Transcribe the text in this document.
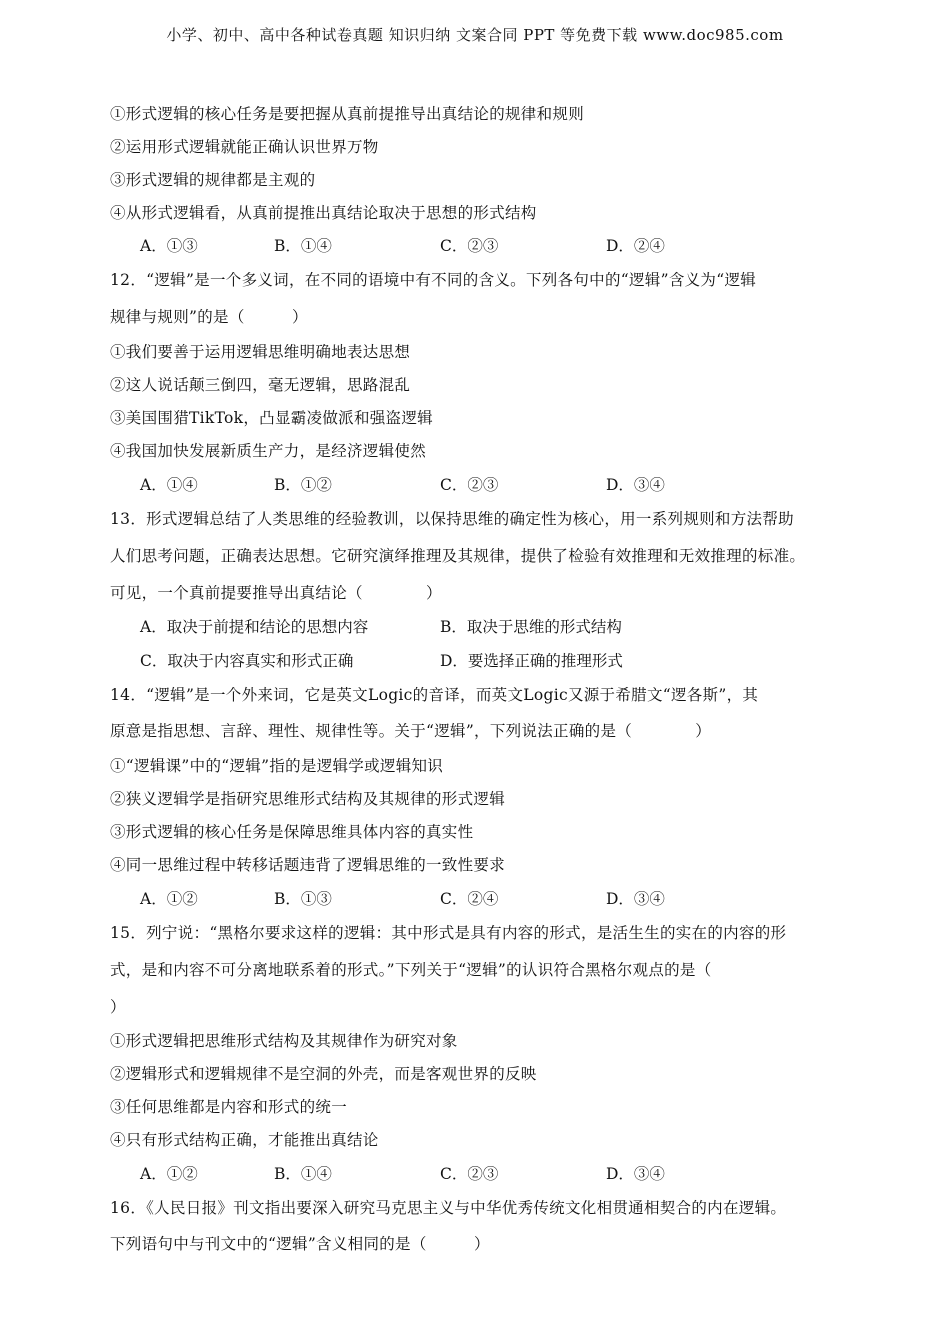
小学、初中、高中各种试卷真题 知识归纳 文案合同 PPT 等免费下载 www.doc985.com
①形式逻辑的核心任务是要把握从真前提推导出真结论的规律和规则
②运用形式逻辑就能正确认识世界万物
③形式逻辑的规律都是主观的
④从形式逻辑看，从真前提推出真结论取决于思想的形式结构
A．①③	B．①④	C．②③	D．②④
12．“逻辑”是一个多义词，在不同的语境中有不同的含义。下列各句中的“逻辑”含义为“逻辑
规律与规则”的是（　　　）
①我们要善于运用逻辑思维明确地表达思想
②这人说话颠三倒四，毫无逻辑，思路混乱
③美国围猎TikTok，凸显霸凌做派和强盗逻辑
④我国加快发展新质生产力，是经济逻辑使然
A．①④	B．①②	C．②③	D．③④
13．形式逻辑总结了人类思维的经验教训，以保持思维的确定性为核心，用一系列规则和方法帮助
人们思考问题，正确表达思想。它研究演绎推理及其规律，提供了检验有效推理和无效推理的标准。
可见，一个真前提要推导出真结论（　　　　）
A．取决于前提和结论的思想内容	B．取决于思维的形式结构
C．取决于内容真实和形式正确	D．要选择正确的推理形式
14．“逻辑”是一个外来词，它是英文Logic的音译，而英文Logic又源于希腊文“逻各斯”，其
原意是指思想、言辞、理性、规律性等。关于“逻辑”，下列说法正确的是（　　　　）
①“逻辑课”中的“逻辑”指的是逻辑学或逻辑知识
②狭义逻辑学是指研究思维形式结构及其规律的形式逻辑
③形式逻辑的核心任务是保障思维具体内容的真实性
④同一思维过程中转移话题违背了逻辑思维的一致性要求
A．①②	B．①③	C．②④	D．③④
15．列宁说：“黑格尔要求这样的逻辑：其中形式是具有内容的形式，是活生生的实在的内容的形
式，是和内容不可分离地联系着的形式。”下列关于“逻辑”的认识符合黑格尔观点的是（
）
①形式逻辑把思维形式结构及其规律作为研究对象
②逻辑形式和逻辑规律不是空洞的外壳，而是客观世界的反映
③任何思维都是内容和形式的统一
④只有形式结构正确，才能推出真结论
A．①②	B．①④	C．②③	D．③④
16．《人民日报》刊文指出要深入研究马克思主义与中华优秀传统文化相贯通相契合的内在逻辑。
下列语句中与刊文中的“逻辑”含义相同的是（　　　）
